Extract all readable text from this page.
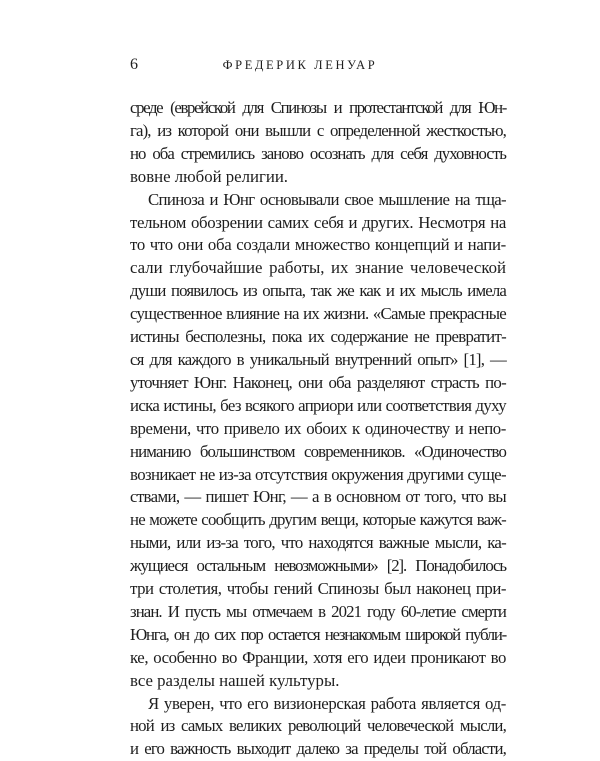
6	ФРЕДЕРИК ЛЕНУАР

среде (еврейской для Спинозы и протестантской для Юн-
га), из которой они вышли с определенной жесткостью,
но оба стремились заново осознать для себя духовность
вовне любой религии.

Спиноза и Юнг основывали свое мышление на тща-
тельном обозрении самих себя и других. Несмотря на
то что они оба создали множество концепций и напи-
сали глубочайшие работы, их знание человеческой
души появилось из опыта, так же как и их мысль имела
существенное влияние на их жизни. «Самые прекрасные
истины бесполезны, пока их содержание не превратит-
ся для каждого в уникальный внутренний опыт» [1], —
уточняет Юнг. Наконец, они оба разделяют страсть по-
иска истины, без всякого априори или соответствия духу
времени, что привело их обоих к одиночеству и непо-
ниманию большинством современников. «Одиночество
возникает не из-за отсутствия окружения другими суще-
ствами, — пишет Юнг, — а в основном от того, что вы
не можете сообщить другим вещи, которые кажутся важ-
ными, или из-за того, что находятся важные мысли, ка-
жущиеся остальным невозможными» [2]. Понадобилось
три столетия, чтобы гений Спинозы был наконец при-
знан. И пусть мы отмечаем в 2021 году 60-летие смерти
Юнга, он до сих пор остается незнакомым широкой публи-
ке, особенно во Франции, хотя его идеи проникают во
все разделы нашей культуры.

Я уверен, что его визионерская работа является од-
ной из самых великих революций человеческой мысли,
и его важность выходит далеко за пределы той области,
